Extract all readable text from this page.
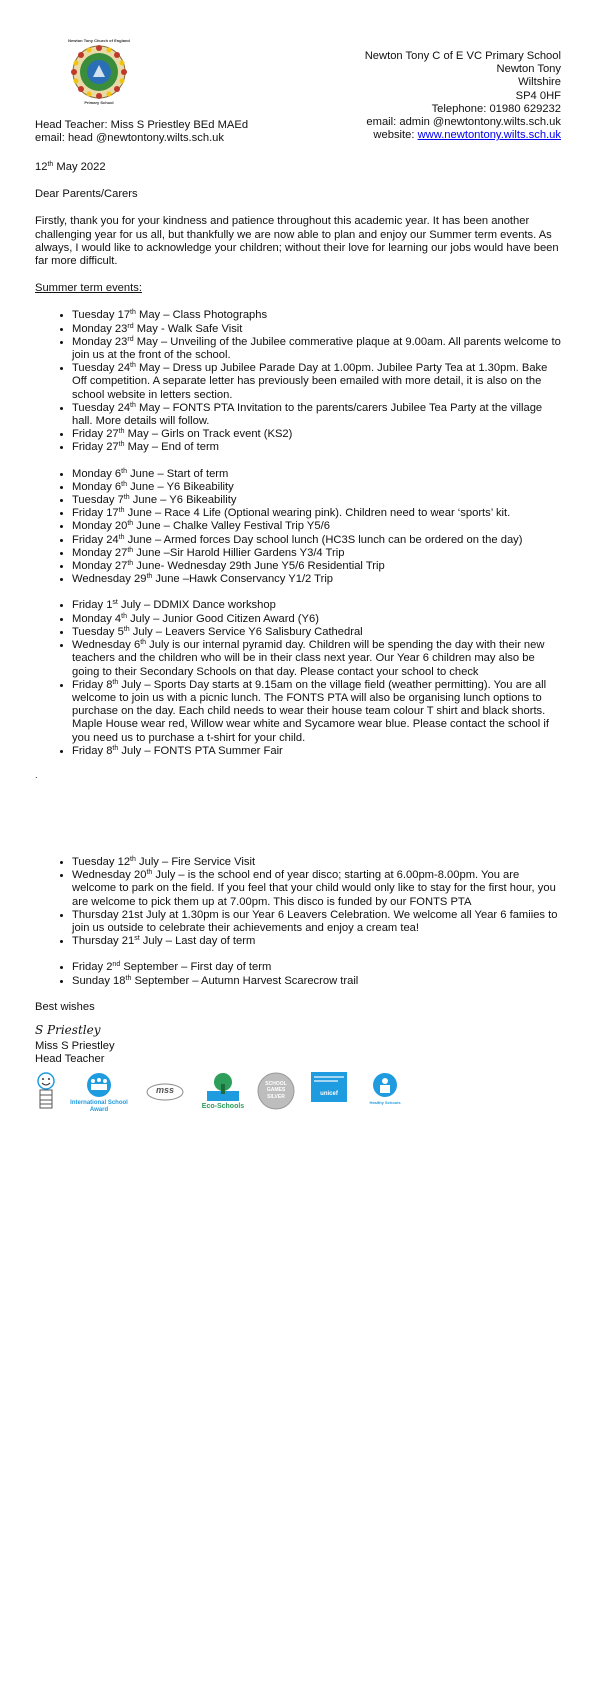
Newton Tony Church of England
Primary School
Newton Tony C of E VC Primary School
Newton Tony
Wiltshire
SP4 0HF
Telephone: 01980 629232
email: admin @newtontony.wilts.sch.uk
website: www.newtontony.wilts.sch.uk
Head Teacher: Miss S Priestley BEd MAEd
email: head @newtontony.wilts.sch.uk
12th May 2022

Dear Parents/Carers

Firstly, thank you for your kindness and patience throughout this academic year. It has been another challenging year for us all, but thankfully we are now able to plan and enjoy our Summer term events. As always, I would like to acknowledge your children; without their love for learning our jobs would have been far more difficult.

Summer term events:
• Tuesday 17th May – Class Photographs
• Monday 23rd May - Walk Safe Visit
• Monday 23rd May – Unveiling of the Jubilee commerative plaque at 9.00am. All parents welcome to join us at the front of the school.
• Tuesday 24th May – Dress up Jubilee Parade Day at 1.00pm. Jubilee Party Tea at 1.30pm. Bake Off competition. A separate letter has previously been emailed with more detail, it is also on the school website in letters section.
• Tuesday 24th May – FONTS PTA Invitation to the parents/carers Jubilee Tea Party at the village hall. More details will follow.
• Friday 27th May – Girls on Track event (KS2)
• Friday 27th May – End of term
• Monday 6th June – Start of term
• Monday 6th June – Y6 Bikeability
• Tuesday 7th June – Y6 Bikeability
• Friday 17th June – Race 4 Life (Optional wearing pink). Children need to wear ‘sports’ kit.
• Monday 20th June – Chalke Valley Festival Trip Y5/6
• Friday 24th June – Armed forces Day school lunch (HC3S lunch can be ordered on the day)
• Monday 27th June –Sir Harold Hillier Gardens Y3/4 Trip
• Monday 27th June- Wednesday 29th June Y5/6 Residential Trip
• Wednesday 29th June –Hawk Conservancy Y1/2 Trip
• Friday 1st July – DDMIX Dance workshop
• Monday 4th July – Junior Good Citizen Award (Y6)
• Tuesday 5th July – Leavers Service Y6 Salisbury Cathedral
• Wednesday 6th July is our internal pyramid day. Children will be spending the day with their new teachers and the children who will be in their class next year. Our Year 6 children may also be going to their Secondary Schools on that day. Please contact your school to check
• Friday 8th July – Sports Day starts at 9.15am on the village field (weather permitting). You are all welcome to join us with a picnic lunch. The FONTS PTA will also be organising lunch options to purchase on the day. Each child needs to wear their house team colour T shirt and black shorts. Maple House wear red, Willow wear white and Sycamore wear blue. Please contact the school if you need us to purchase a t-shirt for your child.
• Friday 8th July – FONTS PTA Summer Fair
.
• Tuesday 12th July – Fire Service Visit
• Wednesday 20th July – is the school end of year disco; starting at 6.00pm-8.00pm. You are welcome to park on the field. If you feel that your child would only like to stay for the first hour, you are welcome to pick them up at 7.00pm. This disco is funded by our FONTS PTA
• Thursday 21st July at 1.30pm is our Year 6 Leavers Celebration. We welcome all Year 6 famiies to join us outside to celebrate their achievements and enjoy a cream tea!
• Thursday 21st July – Last day of term
• Friday 2nd September – First day of term
• Sunday 18th September – Autumn Harvest Scarecrow trail
Best wishes
S Priestley
Miss S Priestley
Head Teacher
International School Award
mss
Eco-Schools
SCHOOL
GAMES
SILVER	unicef
Healthy Schools
